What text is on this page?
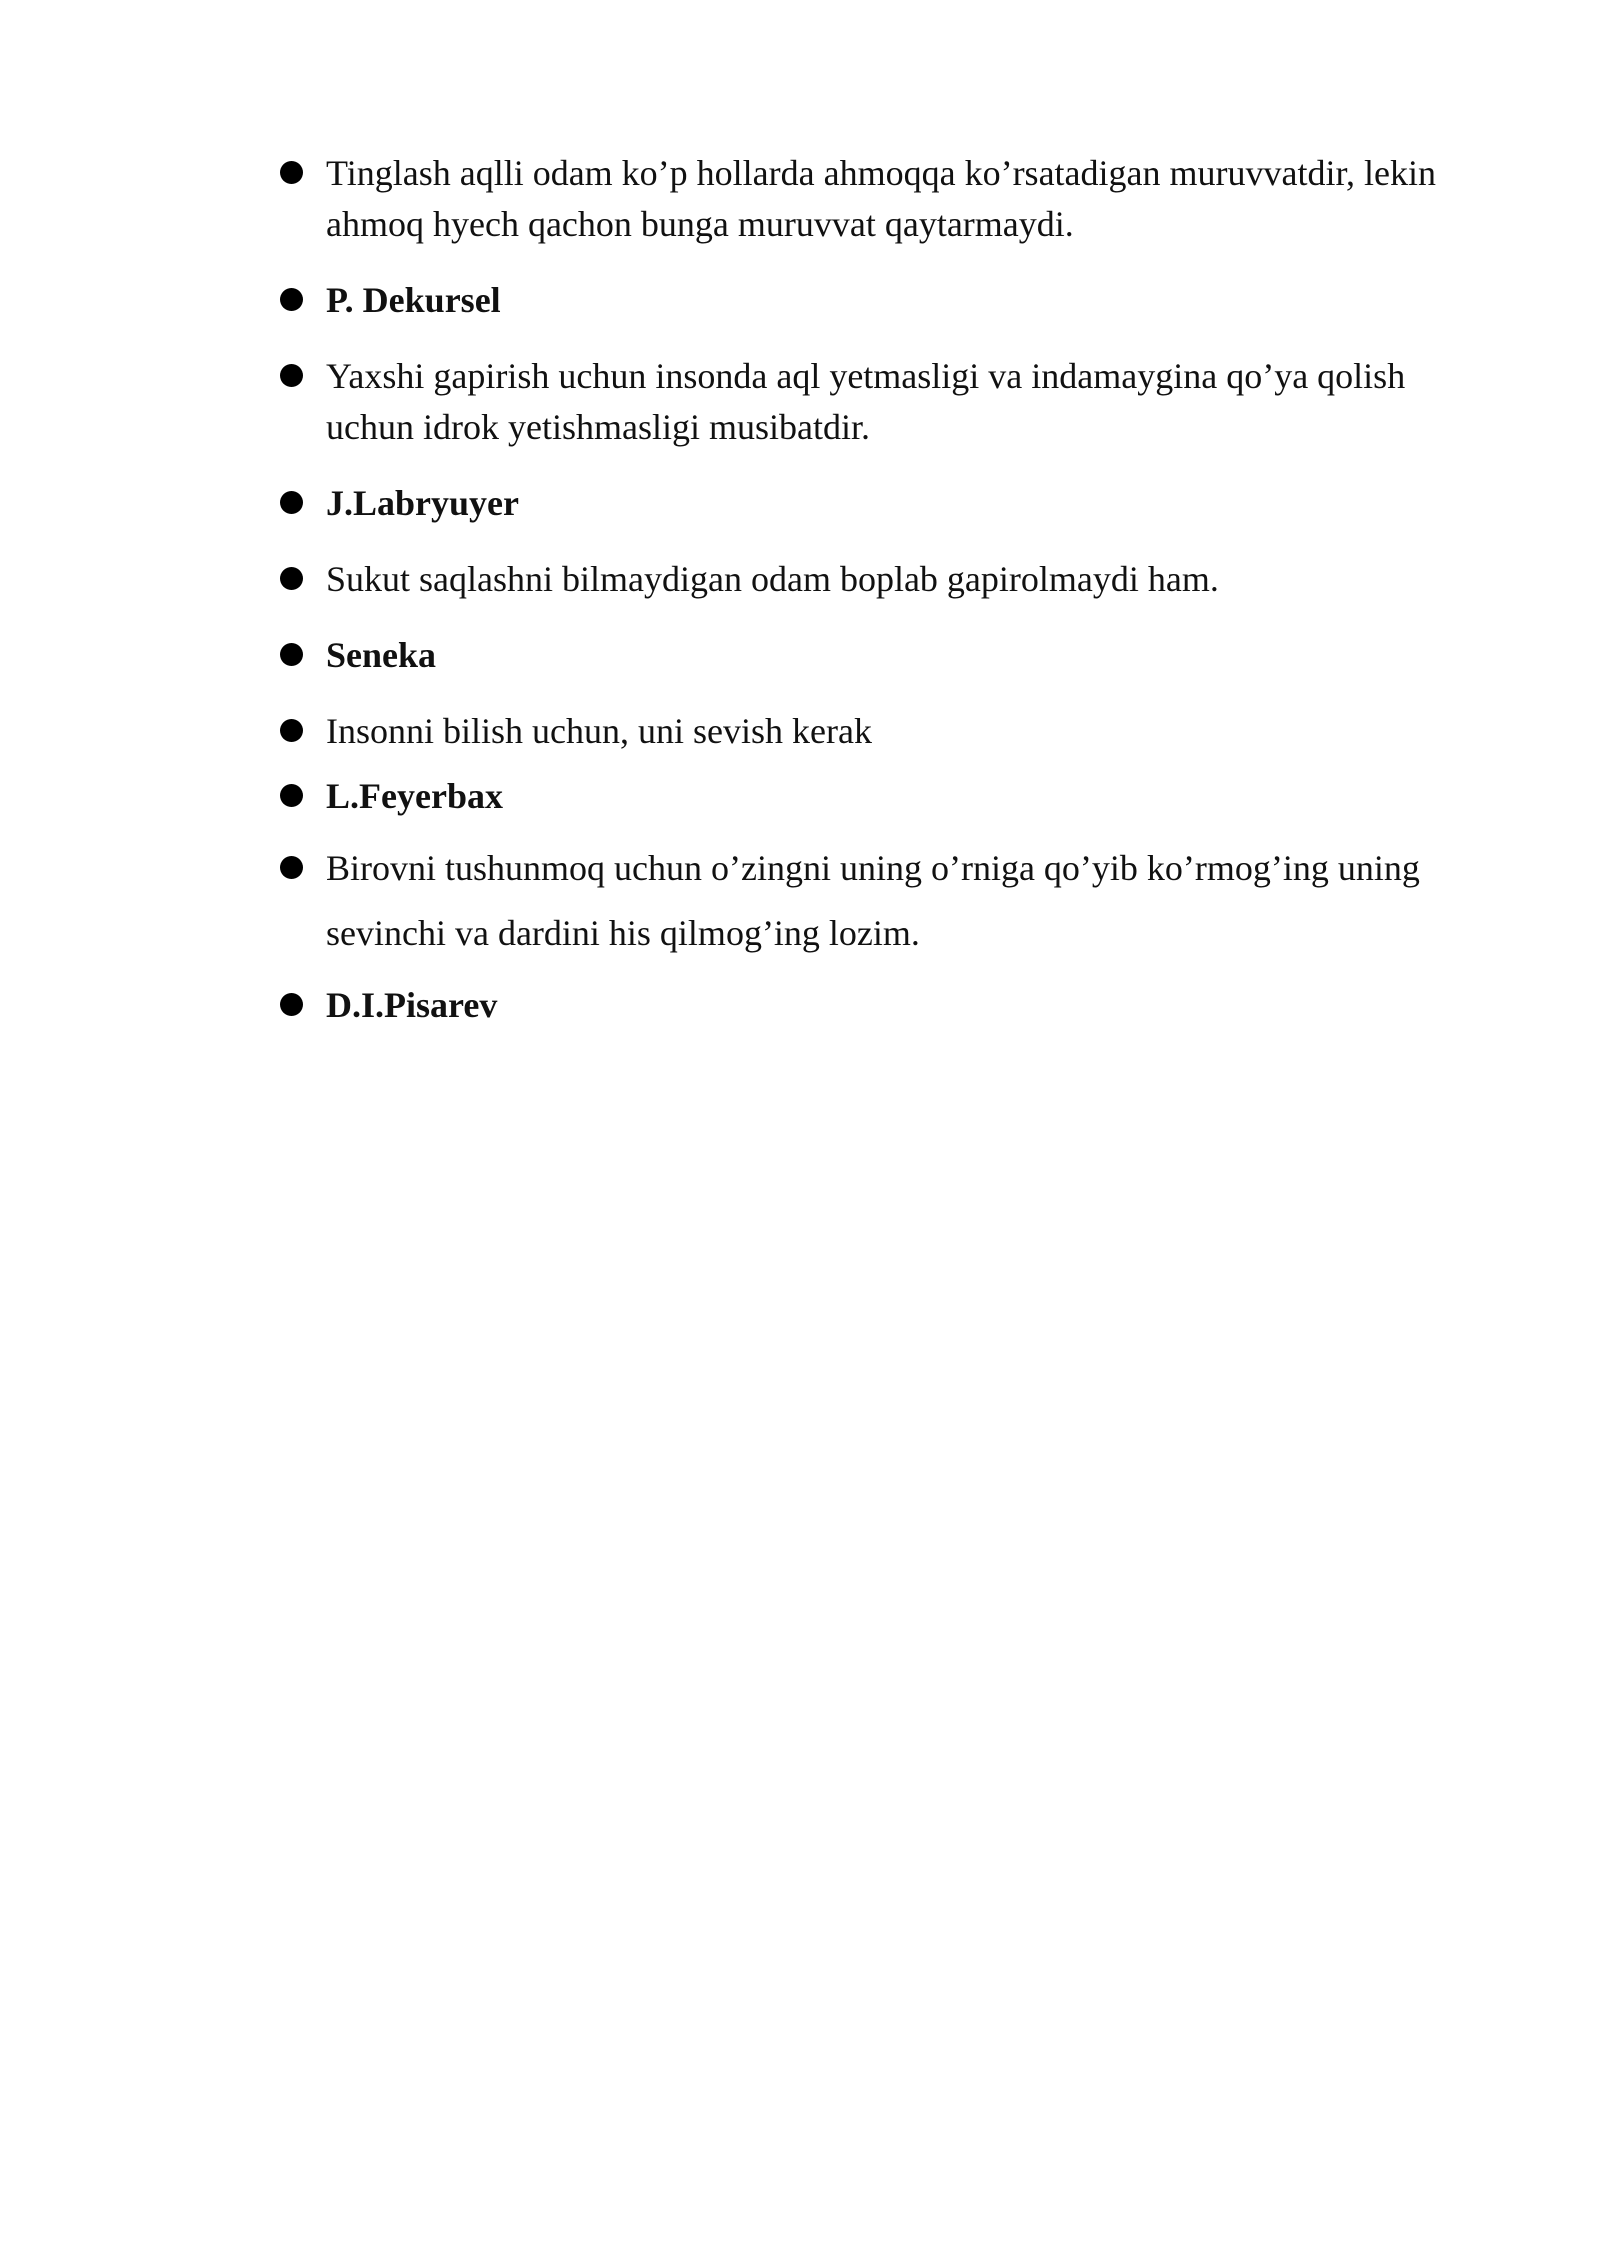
Tinglash aqlli odam ko’p hollarda ahmoqqa ko’rsatadigan muruvvatdir, lekin ahmoq hyech qachon bunga muruvvat qaytarmaydi.
P. Dekursel
Yaxshi gapirish uchun insonda aql yetmasligi va indamaygina qo’ya qolish uchun idrok yetishmasligi musibatdir.
J.Labryuyer
Sukut saqlashni bilmaydigan odam boplab gapirolmaydi ham.
Seneka
Insonni bilish uchun, uni sevish kerak
L.Feyerbax
Birovni tushunmoq uchun o’zingni uning o’rniga qo’yib ko’rmog’ing uning sevinchi va dardini his qilmog’ing lozim.
D.I.Pisarev
